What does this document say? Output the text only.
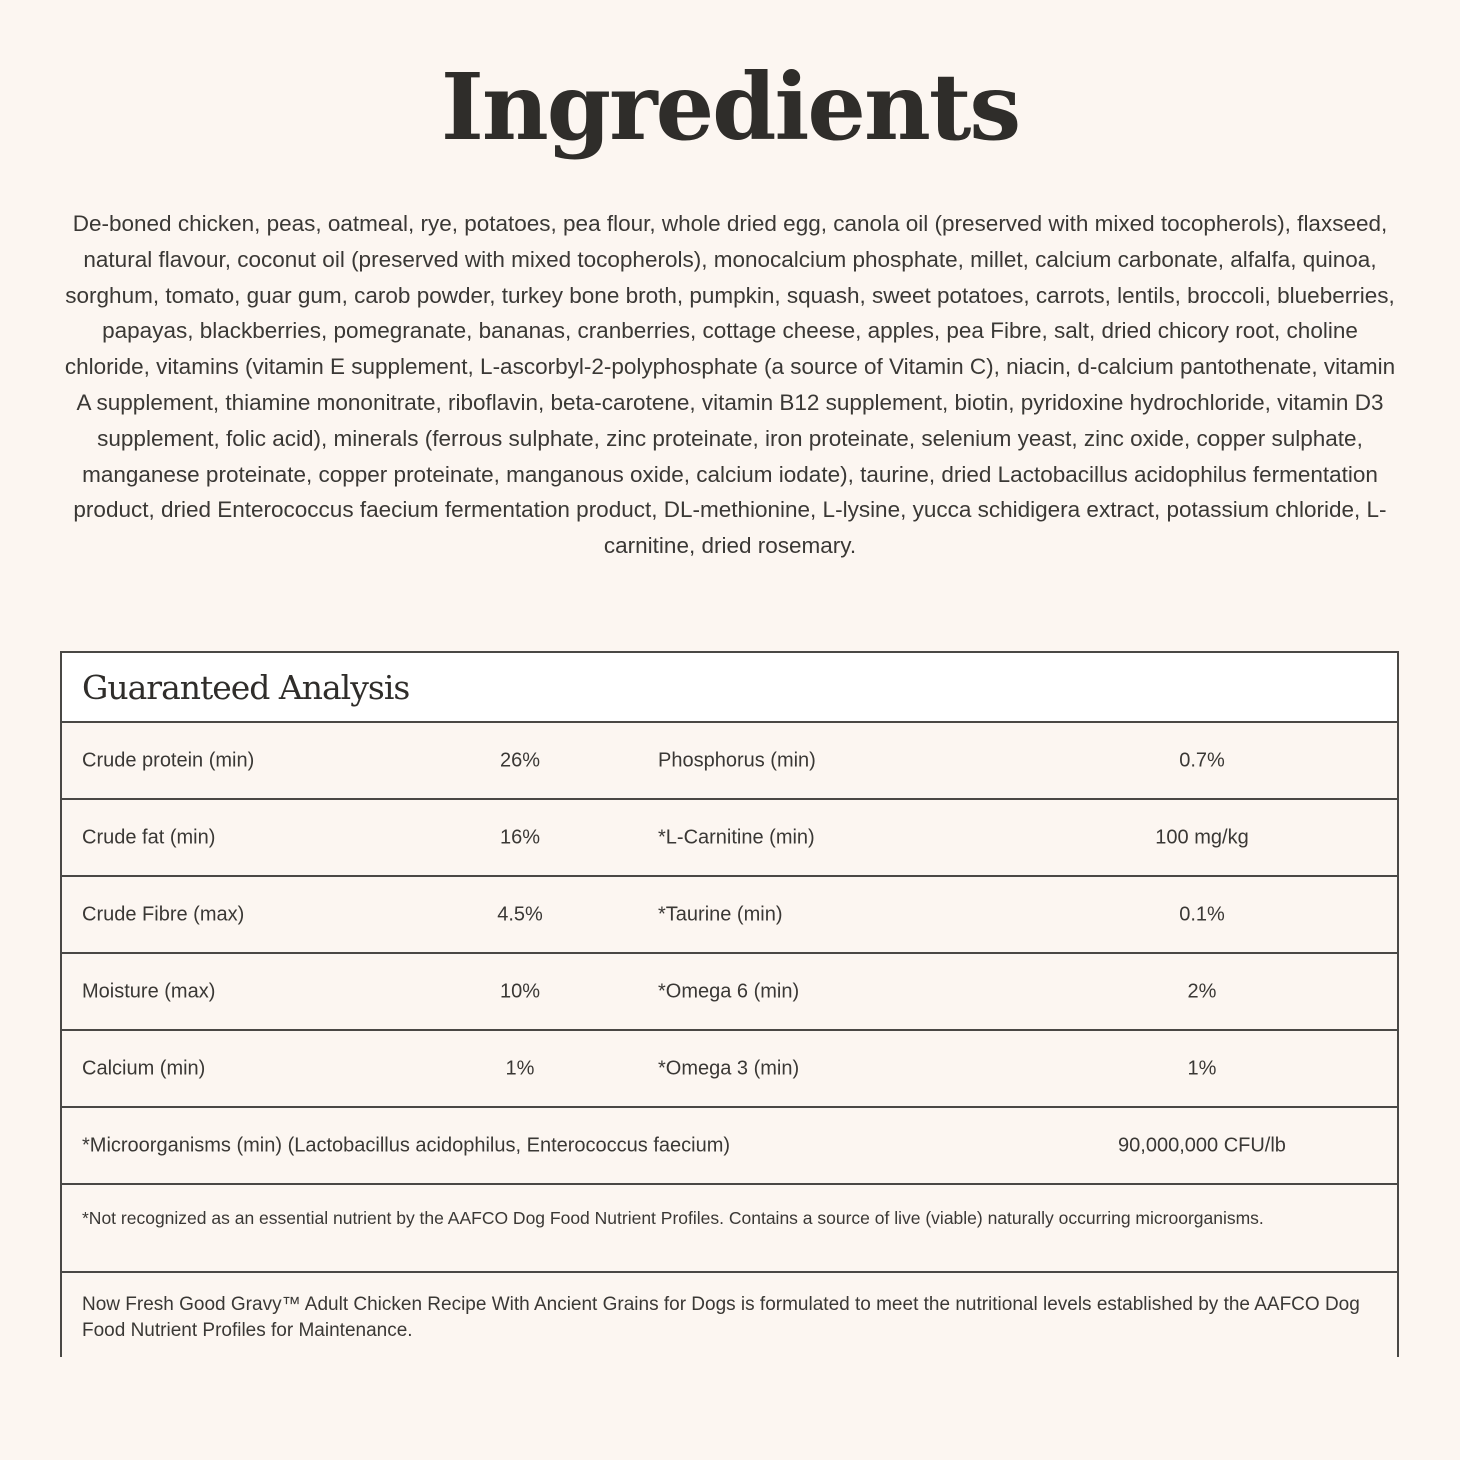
Ingredients

De-boned chicken, peas, oatmeal, rye, potatoes, pea flour, whole dried egg, canola oil (preserved with mixed tocopherols), flaxseed, natural flavour, coconut oil (preserved with mixed tocopherols), monocalcium phosphate, millet, calcium carbonate, alfalfa, quinoa, sorghum, tomato, guar gum, carob powder, turkey bone broth, pumpkin, squash, sweet potatoes, carrots, lentils, broccoli, blueberries, papayas, blackberries, pomegranate, bananas, cranberries, cottage cheese, apples, pea Fibre, salt, dried chicory root, choline chloride, vitamins (vitamin E supplement, L-ascorbyl-2-polyphosphate (a source of Vitamin C), niacin, d-calcium pantothenate, vitamin A supplement, thiamine mononitrate, riboflavin, beta-carotene, vitamin B12 supplement, biotin, pyridoxine hydrochloride, vitamin D3 supplement, folic acid), minerals (ferrous sulphate, zinc proteinate, iron proteinate, selenium yeast, zinc oxide, copper sulphate, manganese proteinate, copper proteinate, manganous oxide, calcium iodate), taurine, dried Lactobacillus acidophilus fermentation product, dried Enterococcus faecium fermentation product, DL-methionine, L-lysine, yucca schidigera extract, potassium chloride, L-carnitine, dried rosemary.

Guaranteed Analysis
Crude protein (min)	26%	Phosphorus (min)	0.7%
Crude fat (min)	16%	*L-Carnitine (min)	100 mg/kg
Crude Fibre (max)	4.5%	*Taurine (min)	0.1%
Moisture (max)	10%	*Omega 6 (min)	2%
Calcium (min)	1%	*Omega 3 (min)	1%
*Microorganisms (min) (Lactobacillus acidophilus, Enterococcus faecium)	90,000,000 CFU/lb
*Not recognized as an essential nutrient by the AAFCO Dog Food Nutrient Profiles. Contains a source of live (viable) naturally occurring microorganisms.
Now Fresh Good Gravy™ Adult Chicken Recipe With Ancient Grains for Dogs is formulated to meet the nutritional levels established by the AAFCO Dog Food Nutrient Profiles for Maintenance.
